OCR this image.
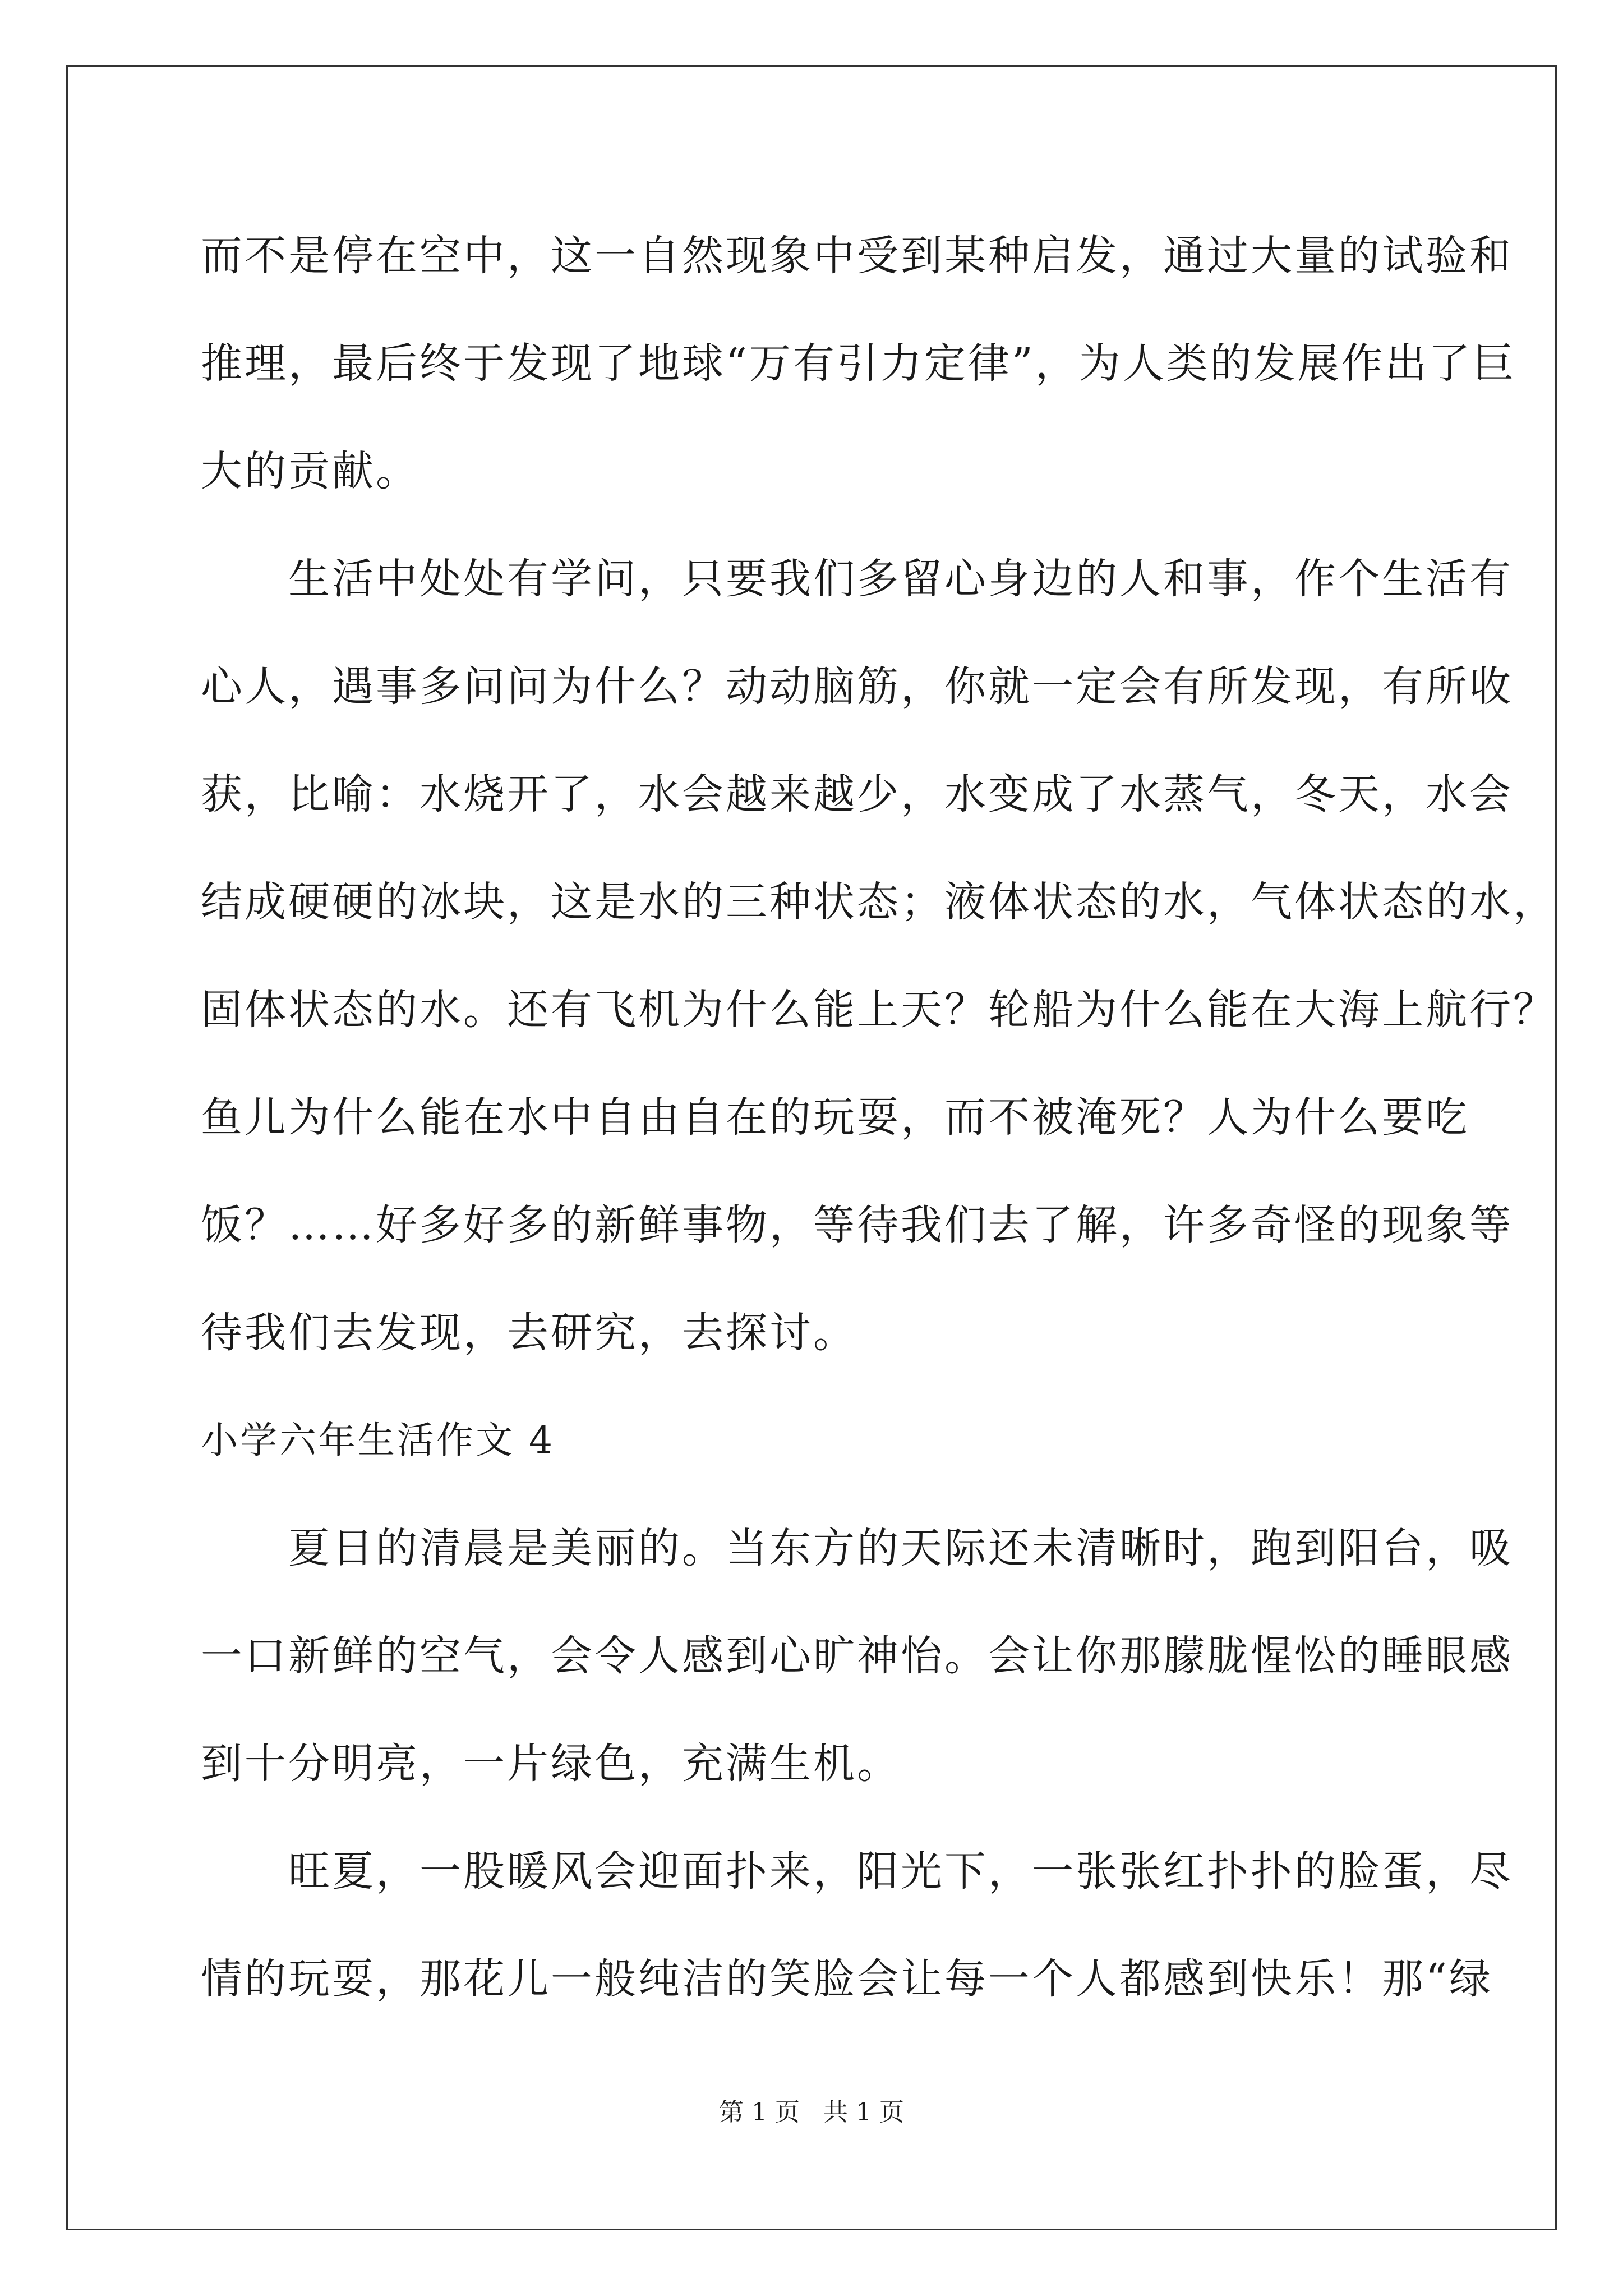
而不是停在空中，这一自然现象中受到某种启发，通过大量的试验和
推理，最后终于发现了地球“万有引力定律”，为人类的发展作出了巨
大的贡献。
　　生活中处处有学问，只要我们多留心身边的人和事，作个生活有
心人，遇事多问问为什么？动动脑筋，你就一定会有所发现，有所收
获，比喻：水烧开了，水会越来越少，水变成了水蒸气，冬天，水会
结成硬硬的冰块，这是水的三种状态；液体状态的水，气体状态的水，
固体状态的水。还有飞机为什么能上天？轮船为什么能在大海上航行？
鱼儿为什么能在水中自由自在的玩耍，而不被淹死？人为什么要吃
饭？……好多好多的新鲜事物，等待我们去了解，许多奇怪的现象等
待我们去发现，去研究，去探讨。
小学六年生活作文 4
　　夏日的清晨是美丽的。当东方的天际还未清晰时，跑到阳台，吸
一口新鲜的空气，会令人感到心旷神怡。会让你那朦胧惺忪的睡眼感
到十分明亮，一片绿色，充满生机。
　　旺夏，一股暖风会迎面扑来，阳光下，一张张红扑扑的脸蛋，尽
情的玩耍，那花儿一般纯洁的笑脸会让每一个人都感到快乐！那“绿
第 1 页   共 1 页
